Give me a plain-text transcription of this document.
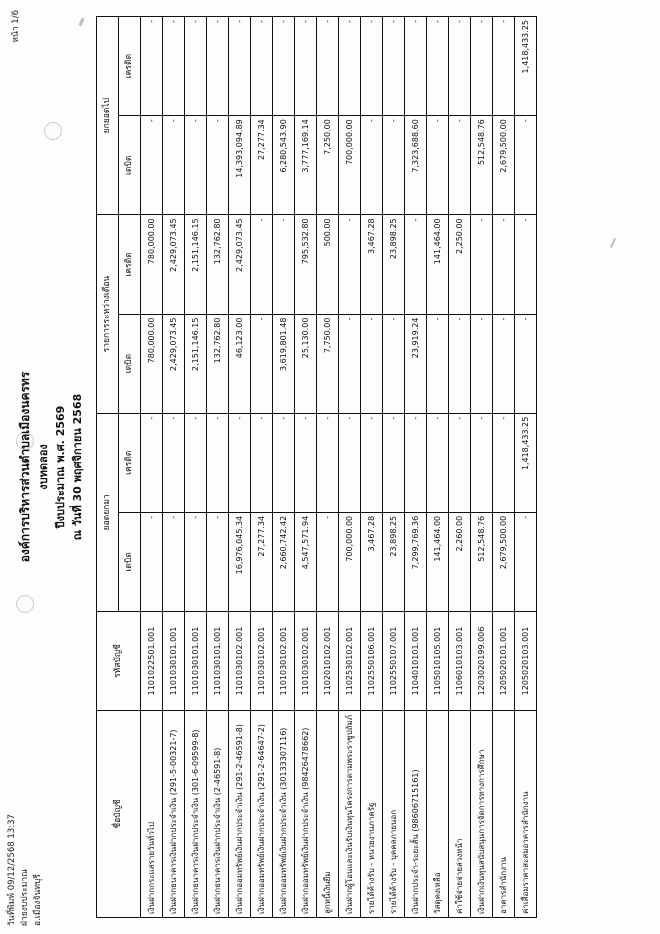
วันที่พิมพ์ 09/12/2568 13:37 ฝ่ายงบประมาณ อ.เมืองจันทบุรี
หน้า 1/6
องค์การบริหารส่วนตำบลเมืองนครทร งบทดลอง ปีงบประมาณ พ.ศ. 2569 ณ วันที่ 30 พฤศจิกายน 2568
ชื่อบัญชี	รหัสบัญชี	ยอดยกมา		รายการระหว่างเดือน		ยกยอดไป	
		เดบิต	เครดิต	เดบิต	เครดิต	เดบิต	เครดิต
เงินฝากกระแสรายวันทั่วไป	1101022501.001	-	-	780,000.00	780,000.00	-	-
เงินฝากธนาคารเงินฝากประจำเงิน (291-5-00321-7)	1101030101.001	-	-	2,429,073.45	2,429,073.45	-	-
เงินฝากธนาคารเงินฝากประจำเงิน (301-6-09599-8)	1101030101.001	-	-	2,151,146.15	2,151,146.15	-	-
เงินฝากธนาคารเงินฝากประจำเงิน (2-46591-8)	1101030101.001	-	-	132,762.80	132,762.80	-	-
เงินฝากออมทรัพย์เงินฝากประจำเงิน (291-2-46591-8)	1101030102.001	16,976,045.34	-	46,123.00	2,429,073.45	14,393,094.89	-
เงินฝากออมทรัพย์เงินฝากประจำเงิน (291-2-64647-2)	1101030102.001	27,277.34	-	-	-	27,277.34	-
เงินฝากออมทรัพย์เงินฝากประจำเงิน (30133307116)	1101030102.001	2,660,742.42	-	3,619,801.48	-	6,280,543.90	-
เงินฝากออมทรัพย์เงินฝากประจำเงิน (98426478662)	1101030102.001	4,547,571.94	-	25,130.00	795,532.80	3,777,169.14	-
ลูกหนี้เงินยืม	1102010102.001	-	-	7,750.00	500.00	7,250.00	-
เงินฝากผู้โอนและเงินรับเงินทุนโครงการตามพระราชูปถัมภ์	1102530102.001	700,000.00	-	-	-	700,000.00	-
รายได้ค้างรับ - หนวยงานภาครัฐ	1102550106.001	3,467.28	-	-	3,467.28	-	-
รายได้ค้างรับ - บุคคลภายนอก	1102550107.001	23,898.25	-	-	23,898.25	-	-
เงินฝากประจำ-ระยะสั้น (98606715161)	1104010101.001	7,299,769.36	-	23,919.24	-	7,323,688.60	-
วัสดุคงเหลือ	1105010105.001	141,464.00	-	-	141,464.00	-	-
ค่าใช้จ่ายจ่ายล่วงหน้า	1106010103.001	2,260.00	-	-	2,250.00	-	-
เงินฝากเงินทุนสนับสนุนการจัดการทางการศึกษา	1203020199.006	512,548.76	-	-	-	512,548.76	-
อาคารสำนักงาน	1205020101.001	2,679,500.00	-	-	-	2,679,500.00	-
ค่าเสื่อมราคาสะสมอาคารสำนักงาน	1205020103.001	-	1,418,433.25	-	-	-	1,418,433.25
